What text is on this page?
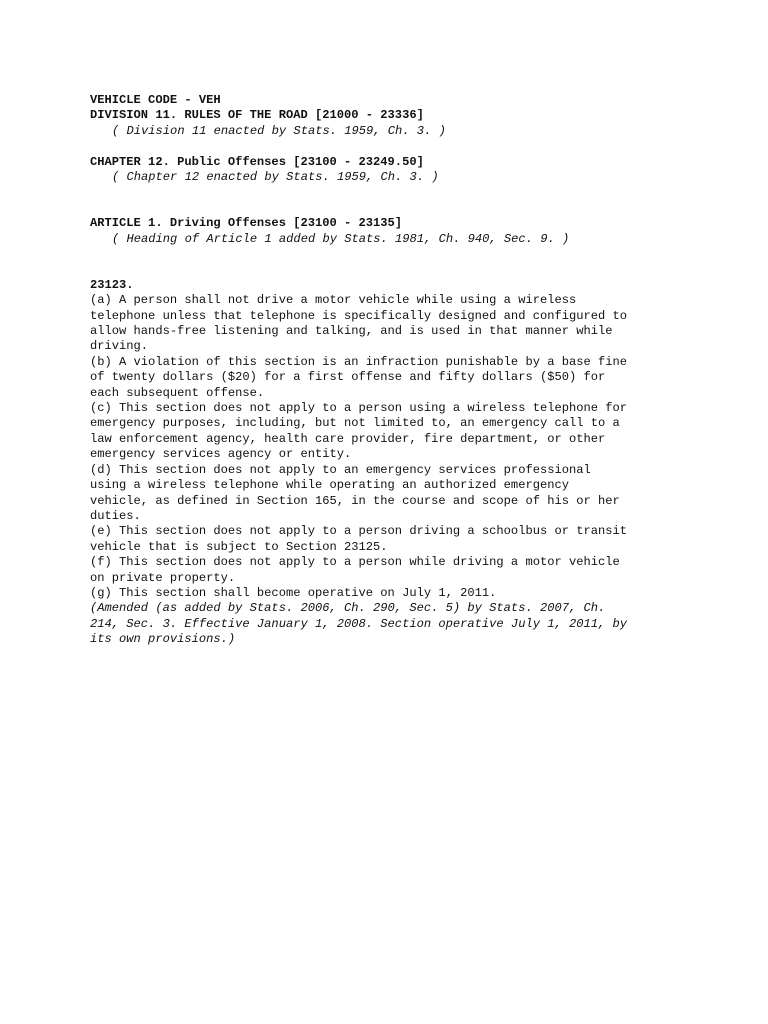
VEHICLE CODE - VEH
DIVISION 11. RULES OF THE ROAD [21000 - 23336]
( Division 11 enacted by Stats. 1959, Ch. 3. )
CHAPTER 12. Public Offenses [23100 - 23249.50]
( Chapter 12 enacted by Stats. 1959, Ch. 3. )
ARTICLE 1. Driving Offenses [23100 - 23135]
( Heading of Article 1 added by Stats. 1981, Ch. 940, Sec. 9. )
23123.
(a) A person shall not drive a motor vehicle while using a wireless
telephone unless that telephone is specifically designed and configured to
allow hands-free listening and talking, and is used in that manner while
driving.
(b) A violation of this section is an infraction punishable by a base fine
of twenty dollars ($20) for a first offense and fifty dollars ($50) for
each subsequent offense.
(c) This section does not apply to a person using a wireless telephone for
emergency purposes, including, but not limited to, an emergency call to a
law enforcement agency, health care provider, fire department, or other
emergency services agency or entity.
(d) This section does not apply to an emergency services professional
using a wireless telephone while operating an authorized emergency
vehicle, as defined in Section 165, in the course and scope of his or her
duties.
(e) This section does not apply to a person driving a schoolbus or transit
vehicle that is subject to Section 23125.
(f) This section does not apply to a person while driving a motor vehicle
on private property.
(g) This section shall become operative on July 1, 2011.
(Amended (as added by Stats. 2006, Ch. 290, Sec. 5) by Stats. 2007, Ch.
214, Sec. 3. Effective January 1, 2008. Section operative July 1, 2011, by
its own provisions.)
